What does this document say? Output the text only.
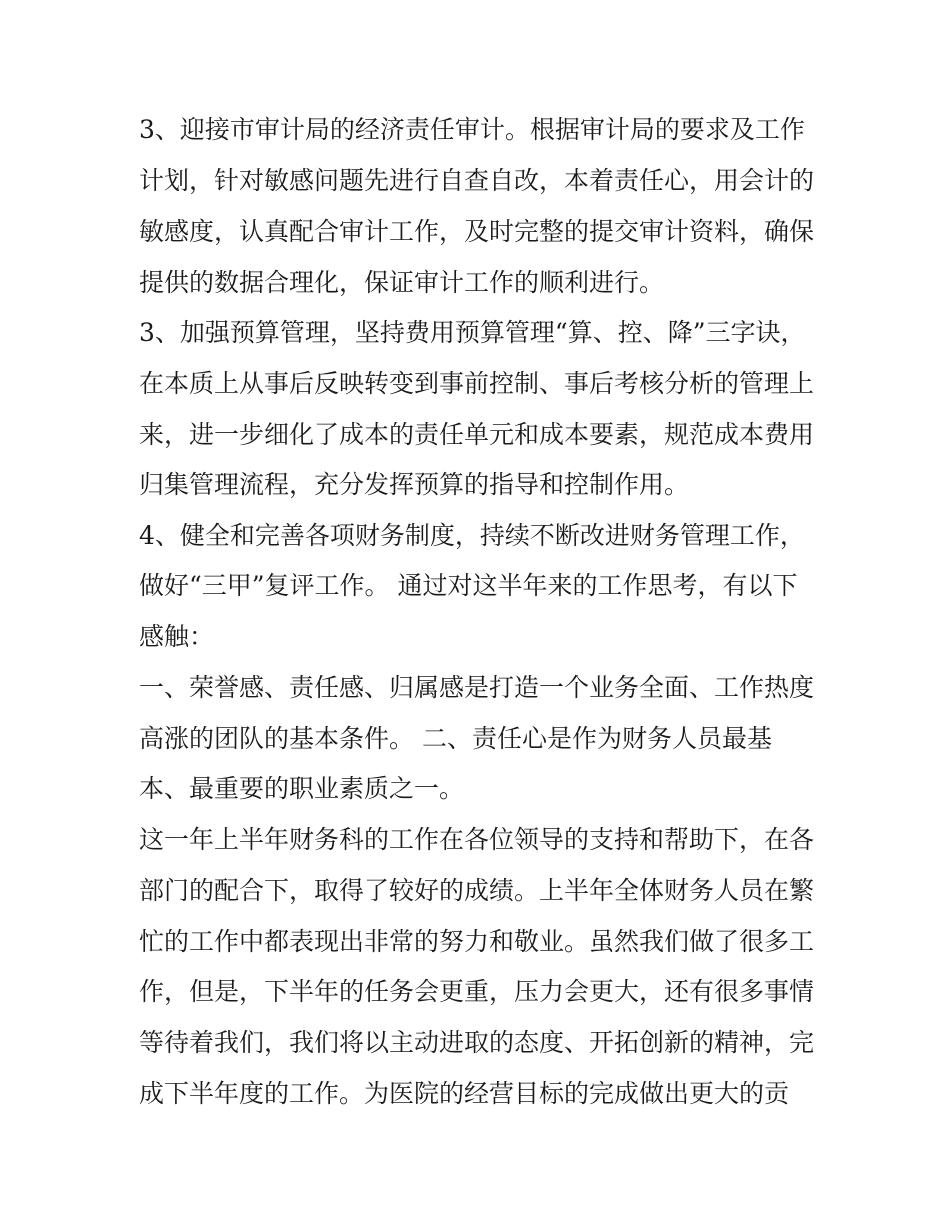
3、迎接市审计局的经济责任审计。根据审计局的要求及工作
计划，针对敏感问题先进行自查自改，本着责任心，用会计的
敏感度，认真配合审计工作，及时完整的提交审计资料，确保
提供的数据合理化，保证审计工作的顺利进行。
3、加强预算管理，坚持费用预算管理“算、控、降”三字诀，
在本质上从事后反映转变到事前控制、事后考核分析的管理上
来，进一步细化了成本的责任单元和成本要素，规范成本费用
归集管理流程，充分发挥预算的指导和控制作用。
4、健全和完善各项财务制度，持续不断改进财务管理工作，
做好“三甲”复评工作。 通过对这半年来的工作思考，有以下
感触：
一、荣誉感、责任感、归属感是打造一个业务全面、工作热度
高涨的团队的基本条件。 二、责任心是作为财务人员最基
本、最重要的职业素质之一。
这一年上半年财务科的工作在各位领导的支持和帮助下，在各
部门的配合下，取得了较好的成绩。上半年全体财务人员在繁
忙的工作中都表现出非常的努力和敬业。虽然我们做了很多工
作，但是，下半年的任务会更重，压力会更大，还有很多事情
等待着我们，我们将以主动进取的态度、开拓创新的精神，完
成下半年度的工作。为医院的经营目标的完成做出更大的贡
